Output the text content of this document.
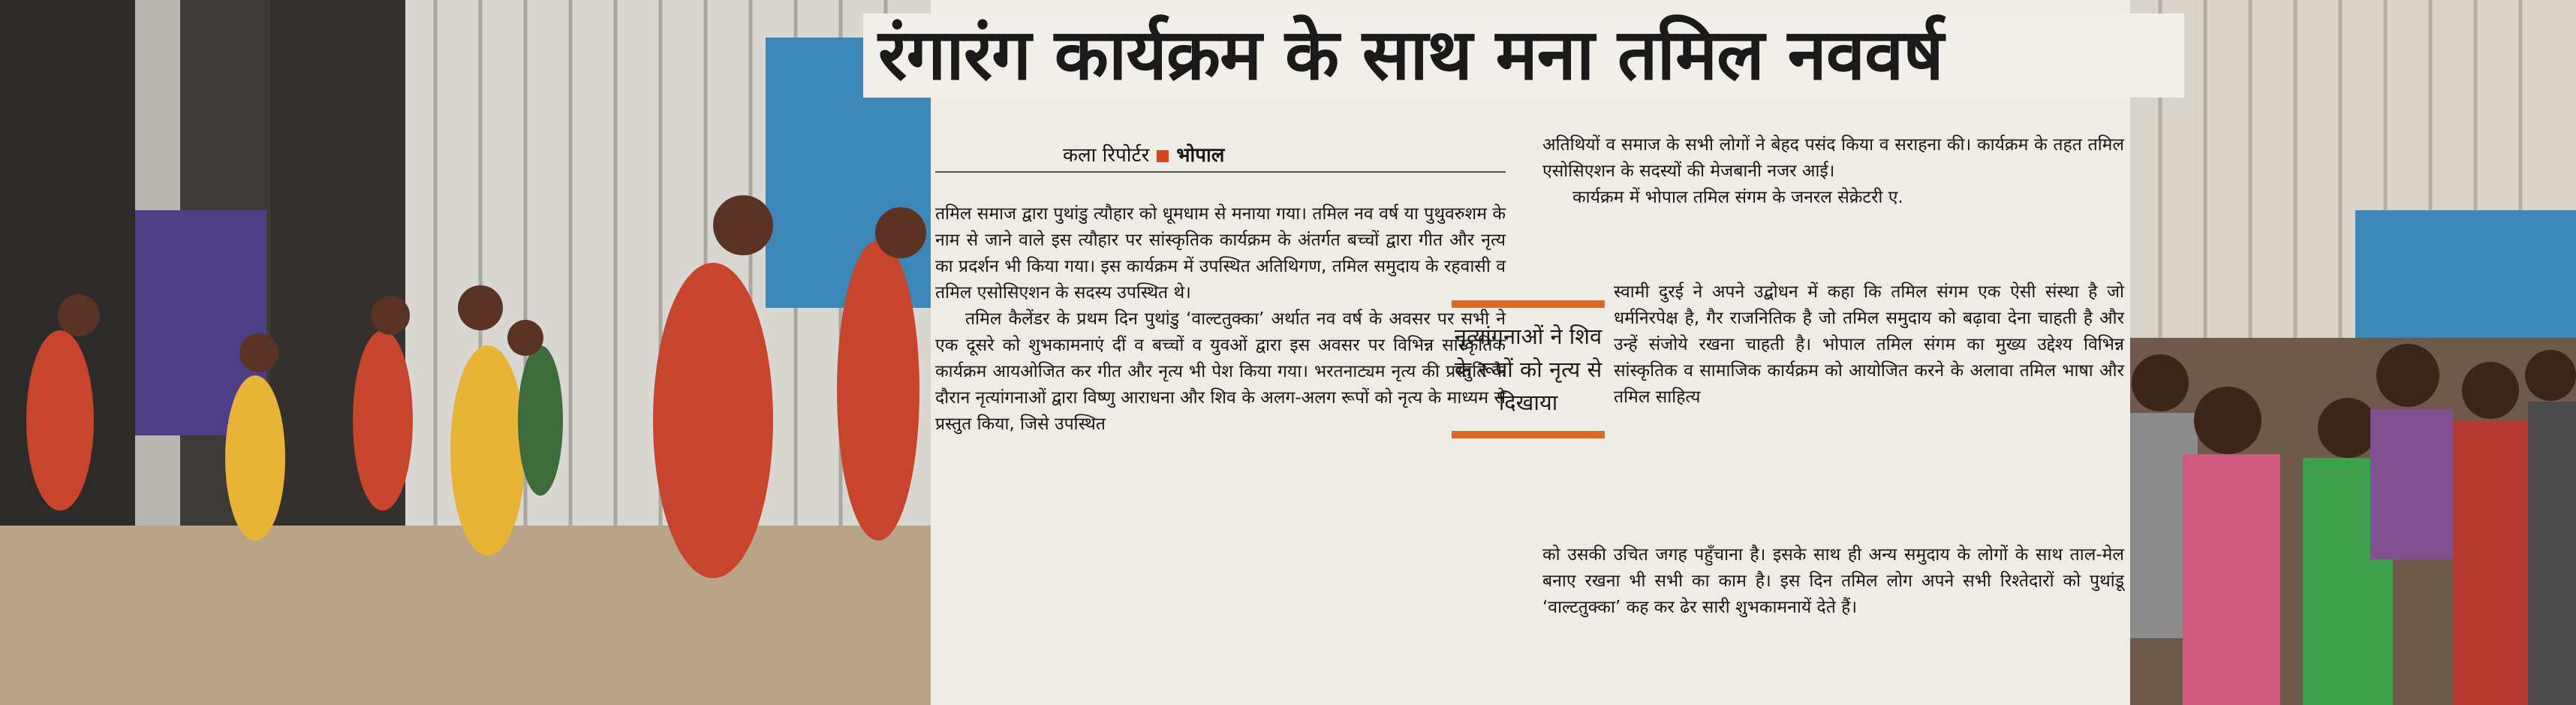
रंगारंग कार्यक्रम के साथ मना तमिल नववर्ष
कला रिपोर्टर भोपाल

तमिल समाज द्वारा पुथांडु त्यौहार को धूमधाम से मनाया गया। तमिल नव वर्ष या पुथुवरुशम के नाम से जाने वाले इस त्यौहार पर सांस्कृतिक कार्यक्रम के अंतर्गत बच्चों द्वारा गीत और नृत्य का प्रदर्शन भी किया गया। इस कार्यक्रम में उपस्थित अतिथिगण, तमिल समुदाय के रहवासी व तमिल एसोसिएशन के सदस्य उपस्थित थे।

तमिल कैलेंडर के प्रथम दिन पुथांडु ‘वाल्टतुक्का’ अर्थात नव वर्ष के अवसर पर सभी ने एक दूसरे को शुभकामनाएं दीं व बच्चों व युवओं द्वारा इस अवसर पर विभिन्न सांस्कृतिक कार्यक्रम आयओजित कर गीत और नृत्य भी पेश किया गया। भरतनाट्यम नृत्य की प्रस्तुति के दौरान नृत्यांगनाओं द्वारा विष्णु आराधना और शिव के अलग-अलग रूपों को नृत्य के माध्यम से प्रस्तुत किया, जिसे उपस्थित

अतिथियों व समाज के सभी लोगों ने बेहद पसंद किया व सराहना की। कार्यक्रम के तहत तमिल एसोसिएशन के सदस्यों की मेजबानी नजर आई।

कार्यक्रम में भोपाल तमिल संगम के जनरल सेक्रेटरी ए.

स्वामी दुरई ने अपने उद्बोधन में कहा कि तमिल संगम एक ऐसी संस्था है जो धर्मनिरपेक्ष है, गैर राजनितिक है जो तमिल समुदाय को बढ़ावा देना चाहती है और उन्हें संजोये रखना चाहती है। भोपाल तमिल संगम का मुख्य उद्देश्य विभिन्न सांस्कृतिक व सामाजिक कार्यक्रम को आयोजित करने के अलावा तमिल भाषा और तमिल साहित्य

को उसकी उचित जगह पहुँचाना है। इसके साथ ही अन्य समुदाय के लोगों के साथ ताल-मेल बनाए रखना भी सभी का काम है। इस दिन तमिल लोग अपने सभी रिश्तेदारों को पुथांडू ‘वाल्टतुक्का’ कह कर ढेर सारी शुभकामनायें देते हैं।

नृत्यांगनाओं ने शिव के रूपों को नृत्य से दिखाया
